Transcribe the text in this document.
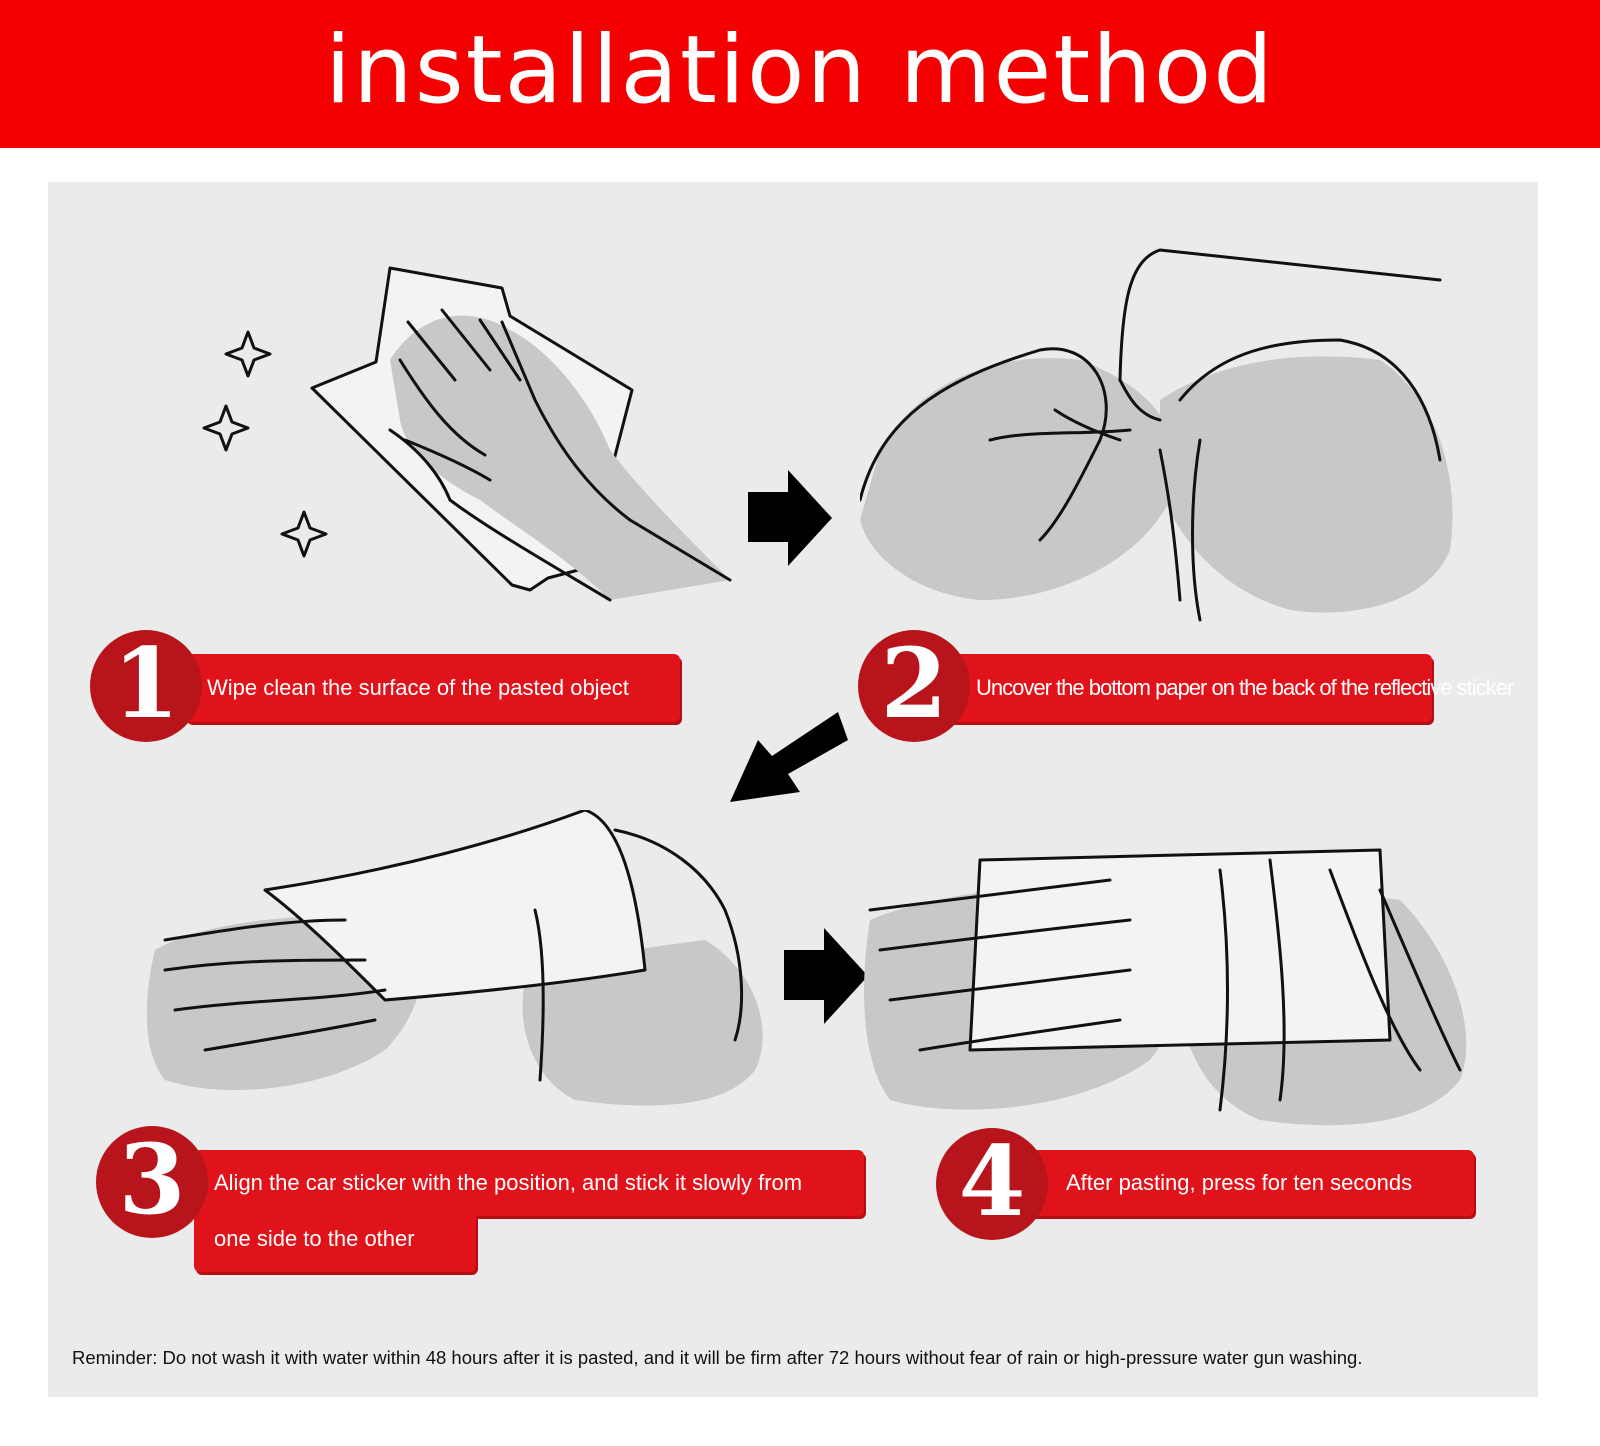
installation method
Wipe clean the surface of the pasted object
1	Uncover the bottom paper on the back of the reflective sticker
2
Align the car sticker with the position, and stick it slowly from
one side to the other
3	After pasting, press for ten seconds
4
Reminder: Do not wash it with water within 48 hours after it is pasted, and it will be firm after 72 hours without fear of rain or high-pressure water gun washing.
